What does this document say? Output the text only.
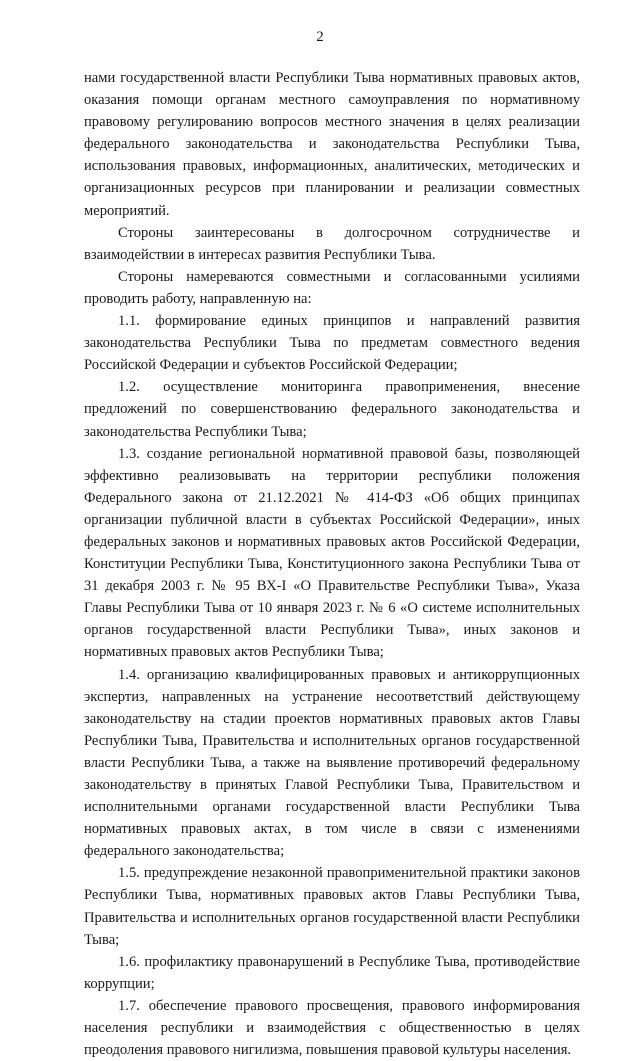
2

нами государственной власти Республики Тыва нормативных правовых актов, оказания помощи органам местного самоуправления по нормативному правовому регулированию вопросов местного значения в целях реализации федерального законодательства и законодательства Республики Тыва, использования правовых, информационных, аналитических, методических и организационных ресурсов при планировании и реализации совместных мероприятий.

Стороны заинтересованы в долгосрочном сотрудничестве и взаимодействии в интересах развития Республики Тыва.

Стороны намереваются совместными и согласованными усилиями проводить работу, направленную на:

1.1. формирование единых принципов и направлений развития законодательства Республики Тыва по предметам совместного ведения Российской Федерации и субъектов Российской Федерации;

1.2. осуществление мониторинга правоприменения, внесение предложений по совершенствованию федерального законодательства и законодательства Республики Тыва;

1.3. создание региональной нормативной правовой базы, позволяющей эффективно реализовывать на территории республики положения Федерального закона от 21.12.2021 № 414-ФЗ «Об общих принципах организации публичной власти в субъектах Российской Федерации», иных федеральных законов и нормативных правовых актов Российской Федерации, Конституции Республики Тыва, Конституционного закона Республики Тыва от 31 декабря 2003 г. № 95 ВХ-I «О Правительстве Республики Тыва», Указа Главы Республики Тыва от 10 января 2023 г. № 6 «О системе исполнительных органов государственной власти Республики Тыва», иных законов и нормативных правовых актов Республики Тыва;

1.4. организацию квалифицированных правовых и антикоррупционных экспертиз, направленных на устранение несоответствий действующему законодательству на стадии проектов нормативных правовых актов Главы Республики Тыва, Правительства и исполнительных органов государственной власти Республики Тыва, а также на выявление противоречий федеральному законодательству в принятых Главой Республики Тыва, Правительством и исполнительными органами государственной власти Республики Тыва нормативных правовых актах, в том числе в связи с изменениями федерального законодательства;

1.5. предупреждение незаконной правоприменительной практики законов Республики Тыва, нормативных правовых актов Главы Республики Тыва, Правительства и исполнительных органов государственной власти Республики Тыва;

1.6. профилактику правонарушений в Республике Тыва, противодействие коррупции;

1.7. обеспечение правового просвещения, правового информирования населения республики и взаимодействия с общественностью в целях преодоления правового нигилизма, повышения правовой культуры населения.
